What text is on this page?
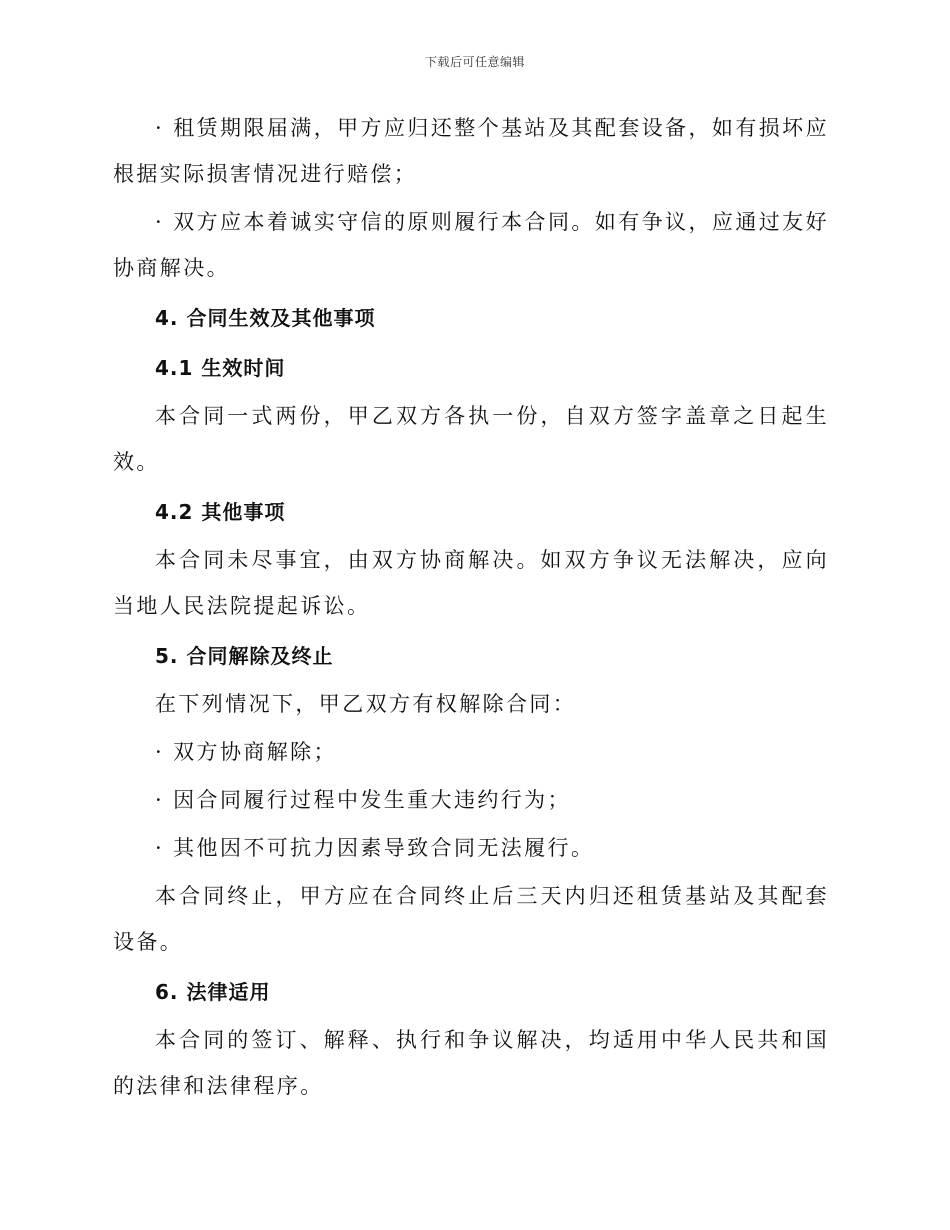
下载后可任意编辑

· 租赁期限届满，甲方应归还整个基站及其配套设备，如有损坏应根据实际损害情况进行赔偿；

· 双方应本着诚实守信的原则履行本合同。如有争议，应通过友好协商解决。

4. 合同生效及其他事项
4.1 生效时间

本合同一式两份，甲乙双方各执一份，自双方签字盖章之日起生效。

4.2 其他事项

本合同未尽事宜，由双方协商解决。如双方争议无法解决，应向当地人民法院提起诉讼。

5. 合同解除及终止

在下列情况下，甲乙双方有权解除合同：

· 双方协商解除；
· 因合同履行过程中发生重大违约行为；
· 其他因不可抗力因素导致合同无法履行。

本合同终止，甲方应在合同终止后三天内归还租赁基站及其配套设备。

6. 法律适用

本合同的签订、解释、执行和争议解决，均适用中华人民共和国的法律和法律程序。
